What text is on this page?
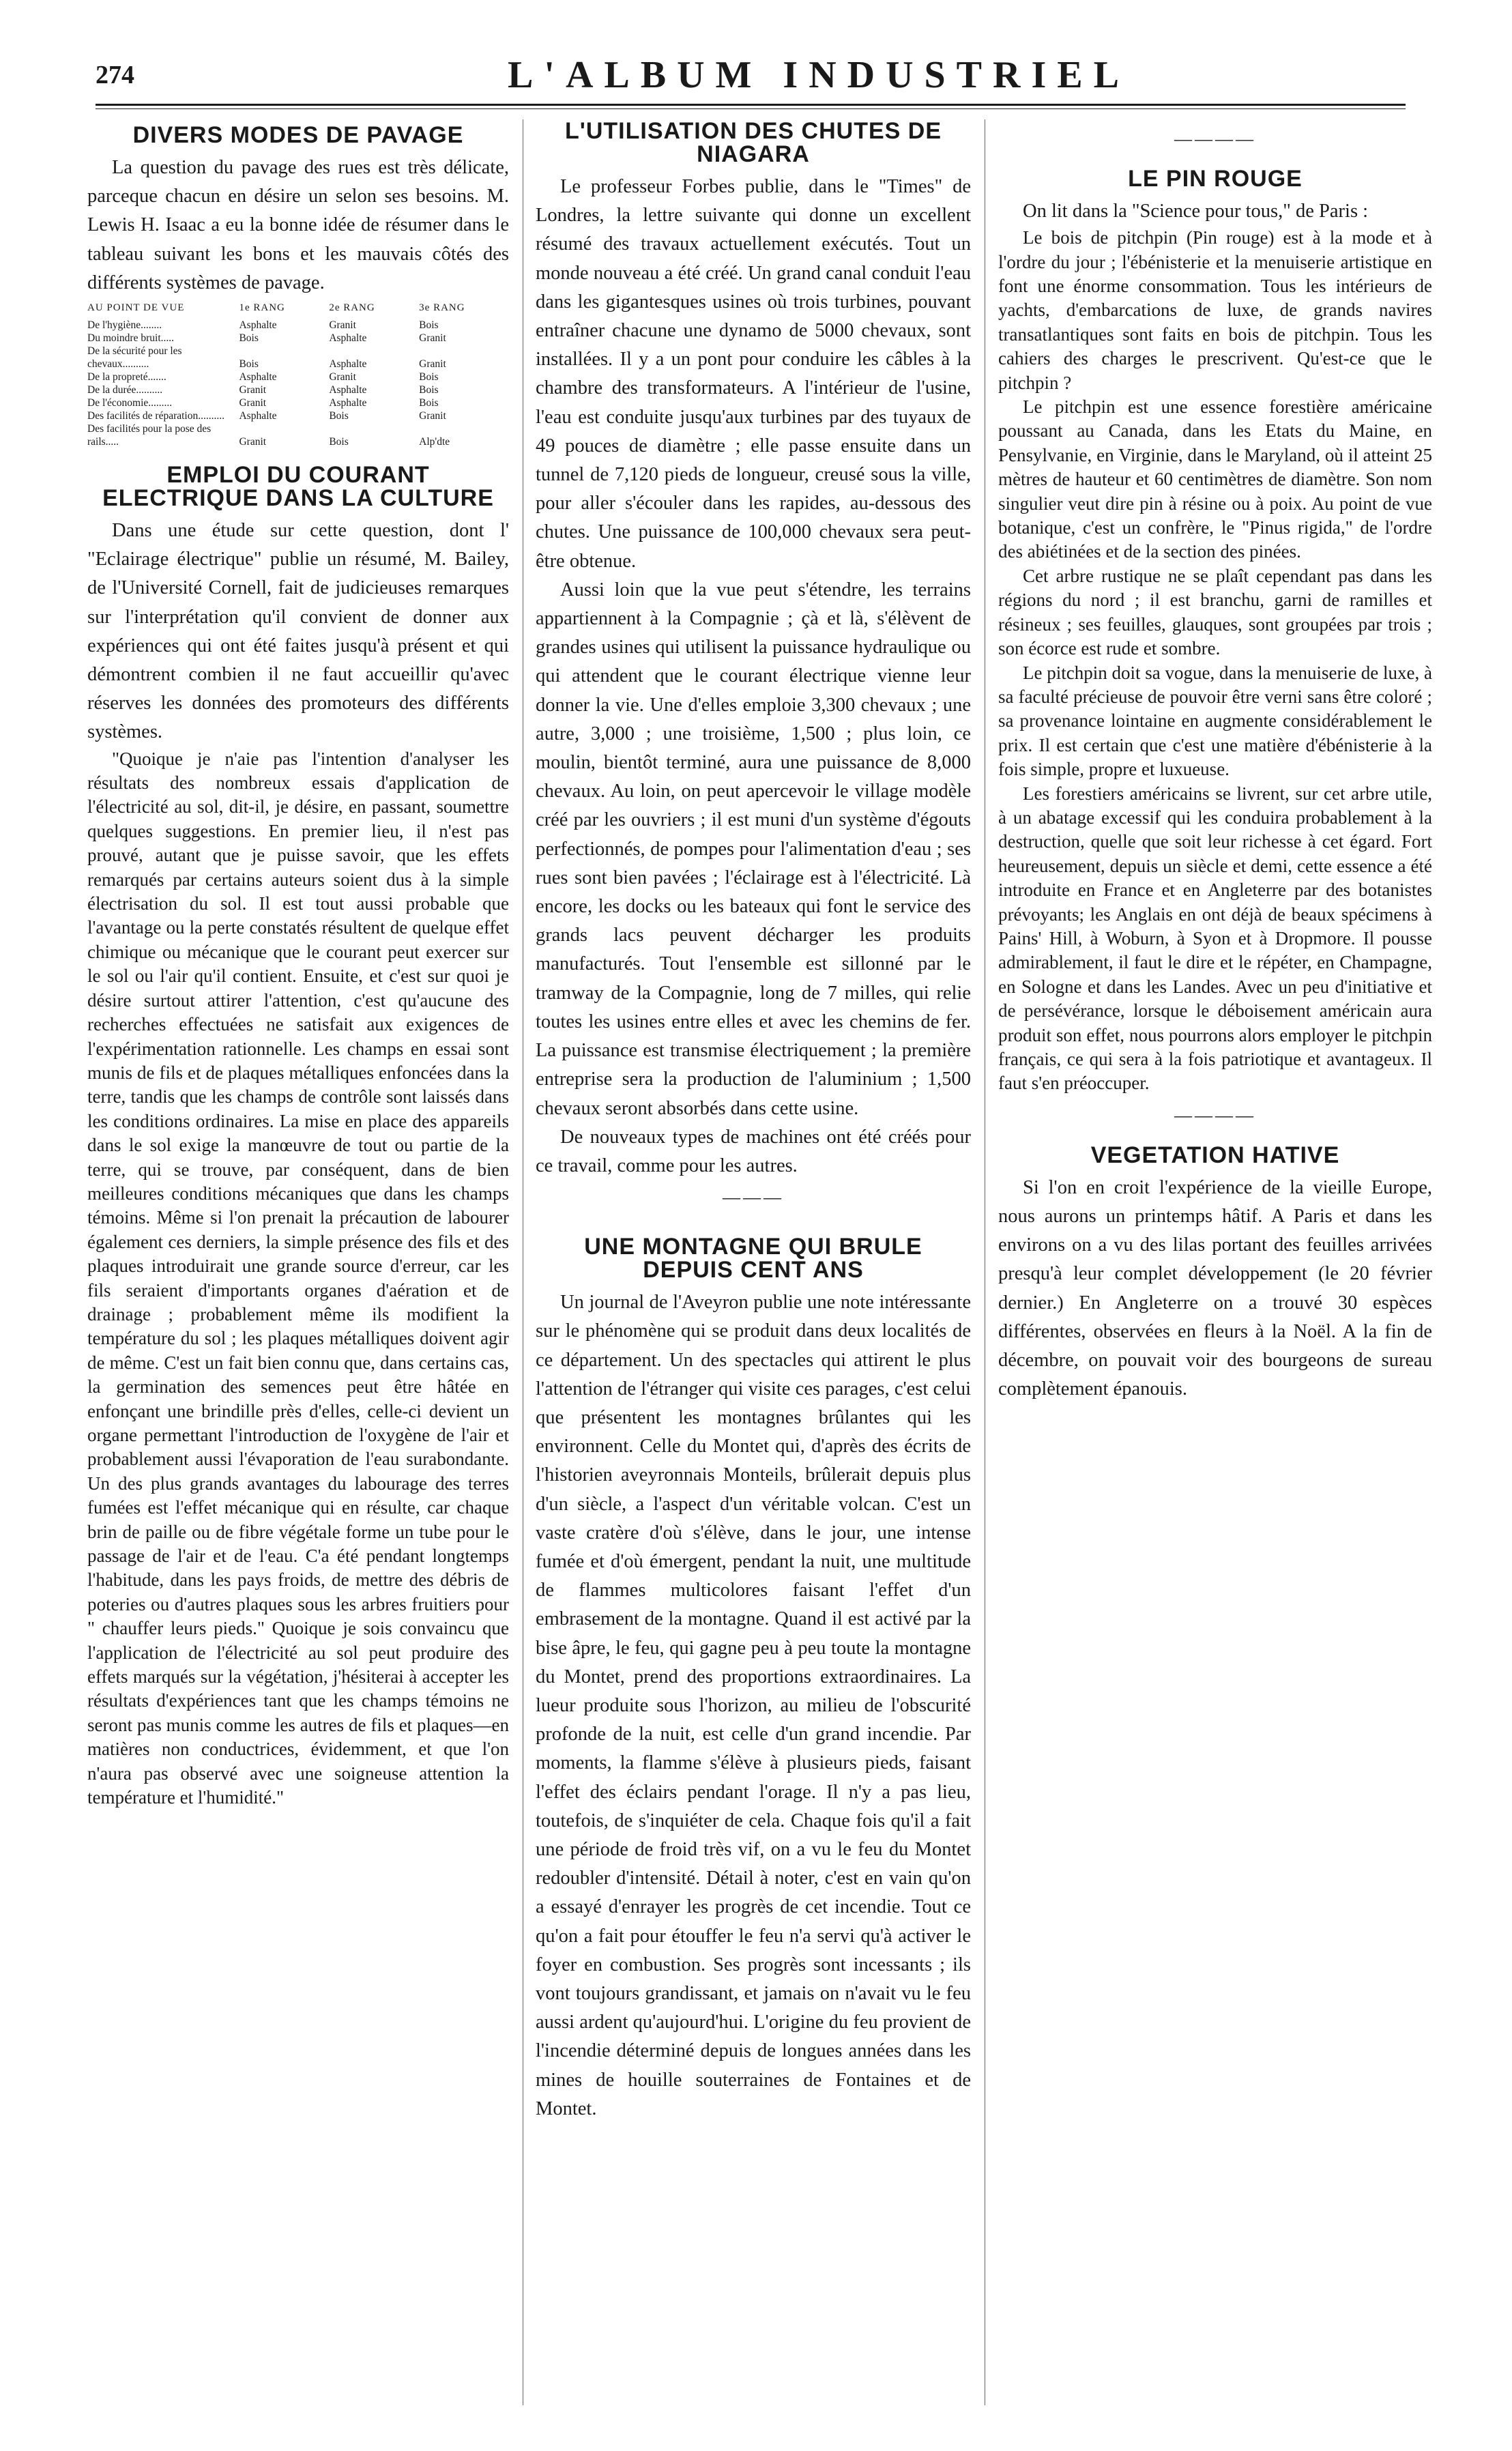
274	L'ALBUM INDUSTRIEL
DIVERS MODES DE PAVAGE

La question du pavage des rues est très délicate, parceque chacun en désire un selon ses besoins. M. Lewis H. Isaac a eu la bonne idée de résumer dans le tableau suivant les bons et les mauvais côtés des différents systèmes de pavage.

AU POINT DE VUE	1e RANG	2e RANG	3e RANG
De l'hygiène........	Asphalte	Granit	Bois
Du moindre bruit.....	Bois	Asphalte	Granit
De la sécurité pour les chevaux..........	Bois	Asphalte	Granit
De la propreté.......	Asphalte	Granit	Bois
De la durée..........	Granit	Asphalte	Bois
De l'économie.........	Granit	Asphalte	Bois
Des facilités de réparation..........	Asphalte	Bois	Granit
Des facilités pour la pose des rails.....	Granit	Bois	Alp'dte
EMPLOI DU COURANT ELECTRIQUE DANS LA CULTURE

Dans une étude sur cette question, dont l' "Eclairage électrique" publie un résumé, M. Bailey, de l'Université Cornell, fait de judicieuses remarques sur l'interprétation qu'il convient de donner aux expériences qui ont été faites jusqu'à présent et qui démontrent combien il ne faut accueillir qu'avec réserves les données des promoteurs des différents systèmes.

"Quoique je n'aie pas l'intention d'analyser les résultats des nombreux essais d'application de l'électricité au sol, dit-il, je désire, en passant, soumettre quelques suggestions. En premier lieu, il n'est pas prouvé, autant que je puisse savoir, que les effets remarqués par certains auteurs soient dus à la simple électrisation du sol. Il est tout aussi probable que l'avantage ou la perte constatés résultent de quelque effet chimique ou mécanique que le courant peut exercer sur le sol ou l'air qu'il contient. Ensuite, et c'est sur quoi je désire surtout attirer l'attention, c'est qu'aucune des recherches effectuées ne satisfait aux exigences de l'expérimentation rationnelle. Les champs en essai sont munis de fils et de plaques métalliques enfoncées dans la terre, tandis que les champs de contrôle sont laissés dans les conditions ordinaires. La mise en place des appareils dans le sol exige la manœuvre de tout ou partie de la terre, qui se trouve, par conséquent, dans de bien meilleures conditions mécaniques que dans les champs témoins. Même si l'on prenait la précaution de labourer également ces derniers, la simple présence des fils et des plaques introduirait une grande source d'erreur, car les fils seraient d'importants organes d'aération et de drainage ; probablement même ils modifient la température du sol ; les plaques métalliques doivent agir de même. C'est un fait bien connu que, dans certains cas, la germination des semences peut être hâtée en enfonçant une brindille près d'elles, celle-ci devient un organe permettant l'introduction de l'oxygène de l'air et probablement aussi l'évaporation de l'eau surabondante. Un des plus grands avantages du labourage des terres fumées est l'effet mécanique qui en résulte, car chaque brin de paille ou de fibre végétale forme un tube pour le passage de l'air et de l'eau. C'a été pendant longtemps l'habitude, dans les pays froids, de mettre des débris de poteries ou d'autres plaques sous les arbres fruitiers pour " chauffer leurs pieds." Quoique je sois convaincu que l'application de l'électricité au sol peut produire des effets marqués sur la végétation, j'hésiterai à accepter les résultats d'expériences tant que les champs témoins ne seront pas munis comme les autres de fils et plaques—en matières non conductrices, évidemment, et que l'on n'aura pas observé avec une soigneuse attention la température et l'humidité."

L'UTILISATION DES CHUTES DE NIAGARA

Le professeur Forbes publie, dans le "Times" de Londres, la lettre suivante qui donne un excellent résumé des travaux actuellement exécutés. Tout un monde nouveau a été créé. Un grand canal conduit l'eau dans les gigantesques usines où trois turbines, pouvant entraîner chacune une dynamo de 5000 chevaux, sont installées. Il y a un pont pour conduire les câbles à la chambre des transformateurs. A l'intérieur de l'usine, l'eau est conduite jusqu'aux turbines par des tuyaux de 49 pouces de diamètre ; elle passe ensuite dans un tunnel de 7,120 pieds de longueur, creusé sous la ville, pour aller s'écouler dans les rapides, au-dessous des chutes. Une puissance de 100,000 chevaux sera peut-être obtenue.

Aussi loin que la vue peut s'étendre, les terrains appartiennent à la Compagnie ; çà et là, s'élèvent de grandes usines qui utilisent la puissance hydraulique ou qui attendent que le courant électrique vienne leur donner la vie. Une d'elles emploie 3,300 chevaux ; une autre, 3,000 ; une troisième, 1,500 ; plus loin, ce moulin, bientôt terminé, aura une puissance de 8,000 chevaux. Au loin, on peut apercevoir le village modèle créé par les ouvriers ; il est muni d'un système d'égouts perfectionnés, de pompes pour l'alimentation d'eau ; ses rues sont bien pavées ; l'éclairage est à l'électricité. Là encore, les docks ou les bateaux qui font le service des grands lacs peuvent décharger les produits manufacturés. Tout l'ensemble est sillonné par le tramway de la Compagnie, long de 7 milles, qui relie toutes les usines entre elles et avec les chemins de fer. La puissance est transmise électriquement ; la première entreprise sera la production de l'aluminium ; 1,500 chevaux seront absorbés dans cette usine.

De nouveaux types de machines ont été créés pour ce travail, comme pour les autres.

———
UNE MONTAGNE QUI BRULE DEPUIS CENT ANS

Un journal de l'Aveyron publie une note intéressante sur le phénomène qui se produit dans deux localités de ce département. Un des spectacles qui attirent le plus l'attention de l'étranger qui visite ces parages, c'est celui que présentent les montagnes brûlantes qui les environnent. Celle du Montet qui, d'après des écrits de l'historien aveyronnais Monteils, brûlerait depuis plus d'un siècle, a l'aspect d'un véritable volcan. C'est un vaste cratère d'où s'élève, dans le jour, une intense fumée et d'où émergent, pendant la nuit, une multitude de flammes multicolores faisant l'effet d'un embrasement de la montagne. Quand il est activé par la bise âpre, le feu, qui gagne peu à peu toute la montagne du Montet, prend des proportions extraordinaires. La lueur produite sous l'horizon, au milieu de l'obscurité profonde de la nuit, est celle d'un grand incendie. Par moments, la flamme s'élève à plusieurs pieds, faisant l'effet des éclairs pendant l'orage. Il n'y a pas lieu, toutefois, de s'inquiéter de cela. Chaque fois qu'il a fait une période de froid très vif, on a vu le feu du Montet redoubler d'intensité. Détail à noter, c'est en vain qu'on a essayé d'enrayer les progrès de cet incendie. Tout ce qu'on a fait pour étouffer le feu n'a servi qu'à activer le foyer en combustion. Ses progrès sont incessants ; ils vont toujours grandissant, et jamais on n'avait vu le feu aussi ardent qu'aujourd'hui. L'origine du feu provient de l'incendie déterminé depuis de longues années dans les mines de houille souterraines de Fontaines et de Montet.

————
LE PIN ROUGE

On lit dans la "Science pour tous," de Paris :

Le bois de pitchpin (Pin rouge) est à la mode et à l'ordre du jour ; l'ébénisterie et la menuiserie artistique en font une énorme consommation. Tous les intérieurs de yachts, d'embarcations de luxe, de grands navires transatlantiques sont faits en bois de pitchpin. Tous les cahiers des charges le prescrivent. Qu'est-ce que le pitchpin ?

Le pitchpin est une essence forestière américaine poussant au Canada, dans les Etats du Maine, en Pensylvanie, en Virginie, dans le Maryland, où il atteint 25 mètres de hauteur et 60 centimètres de diamètre. Son nom singulier veut dire pin à résine ou à poix. Au point de vue botanique, c'est un confrère, le "Pinus rigida," de l'ordre des abiétinées et de la section des pinées.

Cet arbre rustique ne se plaît cependant pas dans les régions du nord ; il est branchu, garni de ramilles et résineux ; ses feuilles, glauques, sont groupées par trois ; son écorce est rude et sombre.

Le pitchpin doit sa vogue, dans la menuiserie de luxe, à sa faculté précieuse de pouvoir être verni sans être coloré ; sa provenance lointaine en augmente considérablement le prix. Il est certain que c'est une matière d'ébénisterie à la fois simple, propre et luxueuse.

Les forestiers américains se livrent, sur cet arbre utile, à un abatage excessif qui les conduira probablement à la destruction, quelle que soit leur richesse à cet égard. Fort heureusement, depuis un siècle et demi, cette essence a été introduite en France et en Angleterre par des botanistes prévoyants; les Anglais en ont déjà de beaux spécimens à Pains' Hill, à Woburn, à Syon et à Dropmore. Il pousse admirablement, il faut le dire et le répéter, en Champagne, en Sologne et dans les Landes. Avec un peu d'initiative et de persévérance, lorsque le déboisement américain aura produit son effet, nous pourrons alors employer le pitchpin français, ce qui sera à la fois patriotique et avantageux. Il faut s'en préoccuper.

————
VEGETATION HATIVE

Si l'on en croit l'expérience de la vieille Europe, nous aurons un printemps hâtif. A Paris et dans les environs on a vu des lilas portant des feuilles arrivées presqu'à leur complet développement (le 20 février dernier.) En Angleterre on a trouvé 30 espèces différentes, observées en fleurs à la Noël. A la fin de décembre, on pouvait voir des bourgeons de sureau complètement épanouis.
